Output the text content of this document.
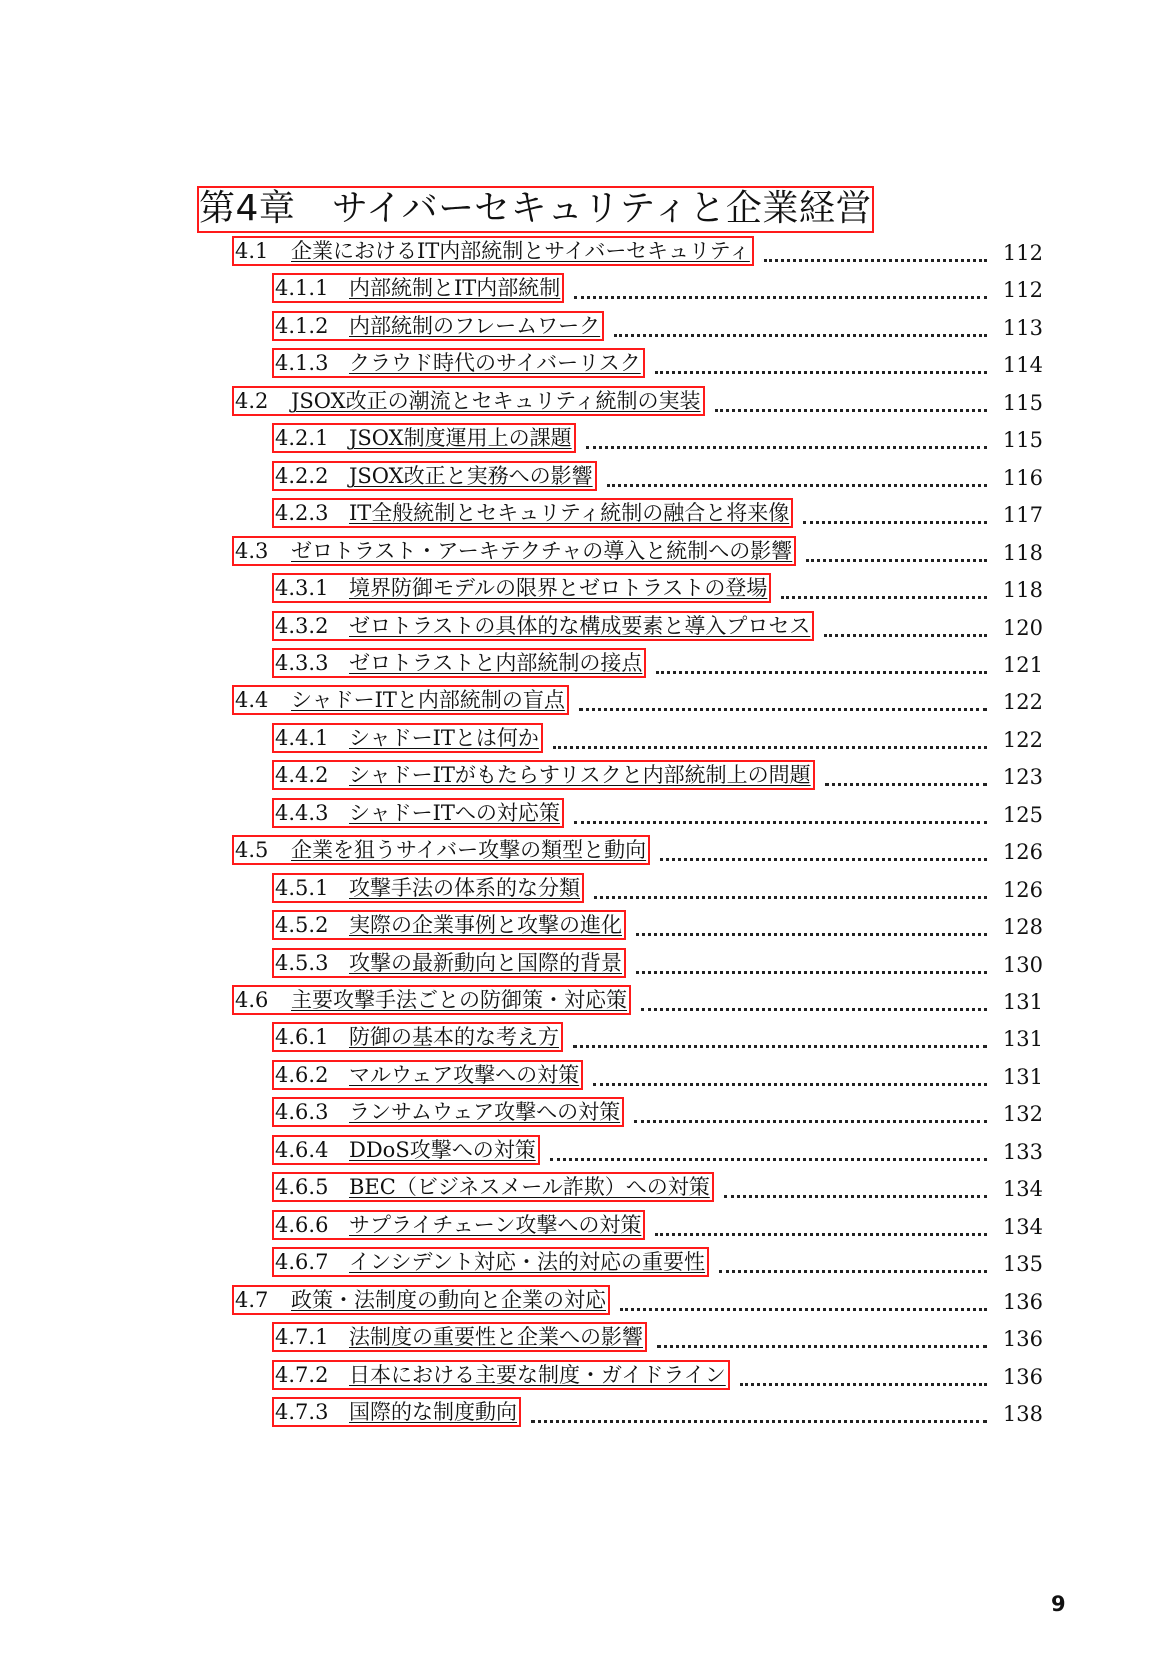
第4章　サイバーセキュリティと企業経営
4.1 企業におけるIT内部統制とサイバーセキュリティ	112
4.1.1 内部統制とIT内部統制	112
4.1.2 内部統制のフレームワーク	113
4.1.3 クラウド時代のサイバーリスク	114
4.2 JSOX改正の潮流とセキュリティ統制の実装	115
4.2.1 JSOX制度運用上の課題	115
4.2.2 JSOX改正と実務への影響	116
4.2.3 IT全般統制とセキュリティ統制の融合と将来像	117
4.3 ゼロトラスト・アーキテクチャの導入と統制への影響	118
4.3.1 境界防御モデルの限界とゼロトラストの登場	118
4.3.2 ゼロトラストの具体的な構成要素と導入プロセス	120
4.3.3 ゼロトラストと内部統制の接点	121
4.4 シャドーITと内部統制の盲点	122
4.4.1 シャドーITとは何か	122
4.4.2 シャドーITがもたらすリスクと内部統制上の問題	123
4.4.3 シャドーITへの対応策	125
4.5 企業を狙うサイバー攻撃の類型と動向	126
4.5.1 攻撃手法の体系的な分類	126
4.5.2 実際の企業事例と攻撃の進化	128
4.5.3 攻撃の最新動向と国際的背景	130
4.6 主要攻撃手法ごとの防御策・対応策	131
4.6.1 防御の基本的な考え方	131
4.6.2 マルウェア攻撃への対策	131
4.6.3 ランサムウェア攻撃への対策	132
4.6.4 DDoS攻撃への対策	133
4.6.5 BEC（ビジネスメール詐欺）への対策	134
4.6.6 サプライチェーン攻撃への対策	134
4.6.7 インシデント対応・法的対応の重要性	135
4.7 政策・法制度の動向と企業の対応	136
4.7.1 法制度の重要性と企業への影響	136
4.7.2 日本における主要な制度・ガイドライン	136
4.7.3 国際的な制度動向	138
9
